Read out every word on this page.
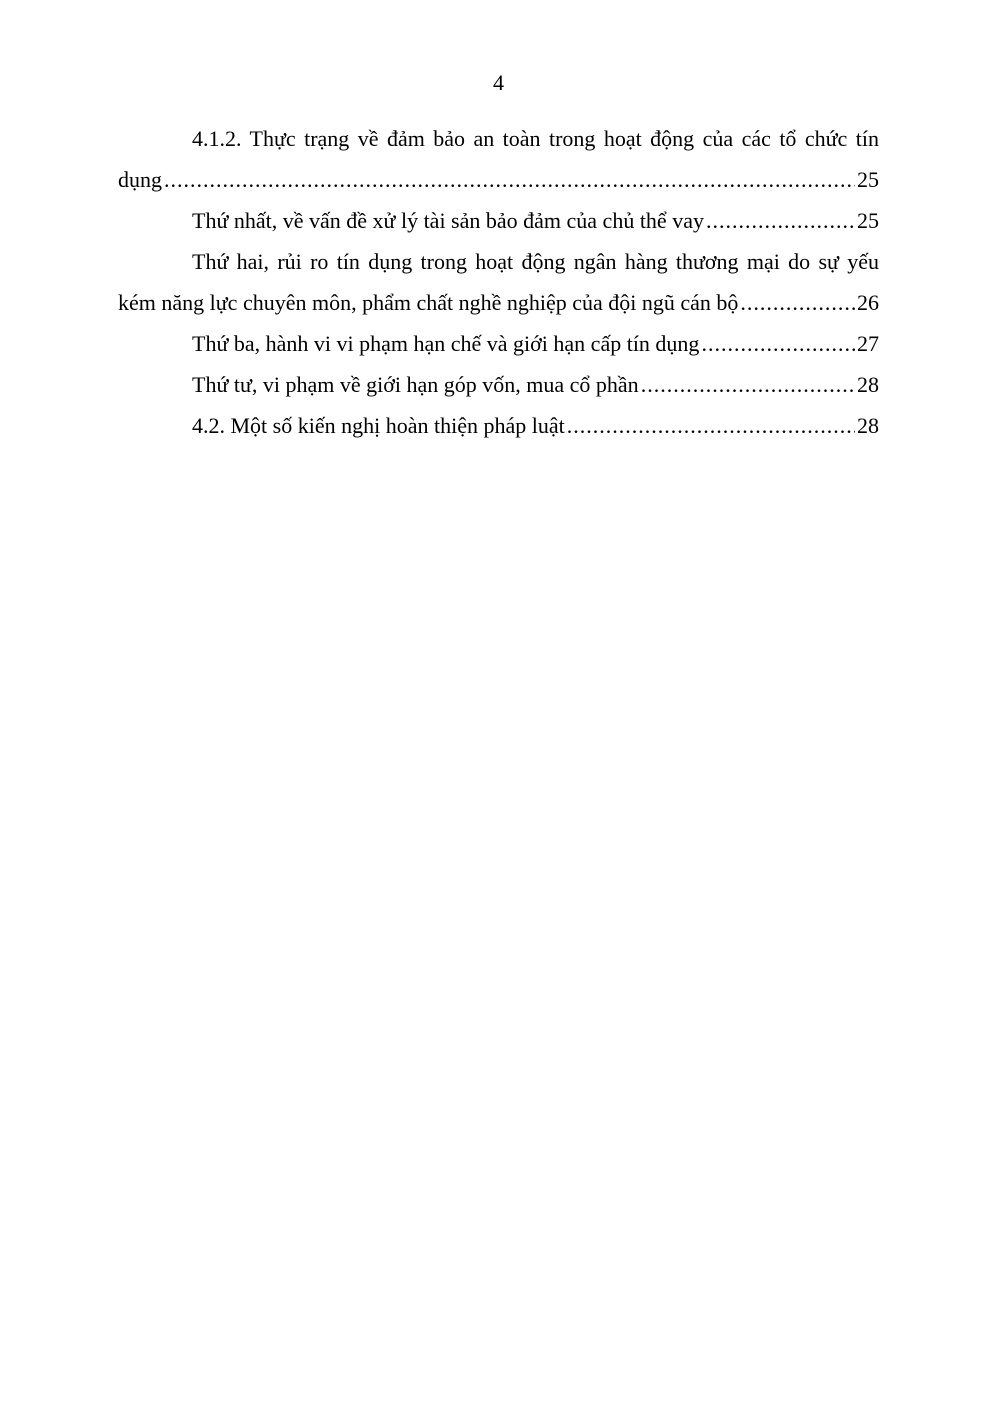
4
4.1.2. Thực trạng về đảm bảo an toàn trong hoạt động của các tổ chức tín
dụng .....	25
Thứ nhất, về vấn đề xử lý tài sản bảo đảm của chủ thể vay .....	25
Thứ hai, rủi ro tín dụng trong hoạt động ngân hàng thương mại do sự yếu
kém năng lực chuyên môn, phẩm chất nghề nghiệp của đội ngũ cán bộ .....	26
Thứ ba, hành vi vi phạm hạn chế và giới hạn cấp tín dụng .....	27
Thứ tư, vi phạm về giới hạn góp vốn, mua cổ phần .....	28
4.2. Một số kiến nghị hoàn thiện pháp luật .....	28
